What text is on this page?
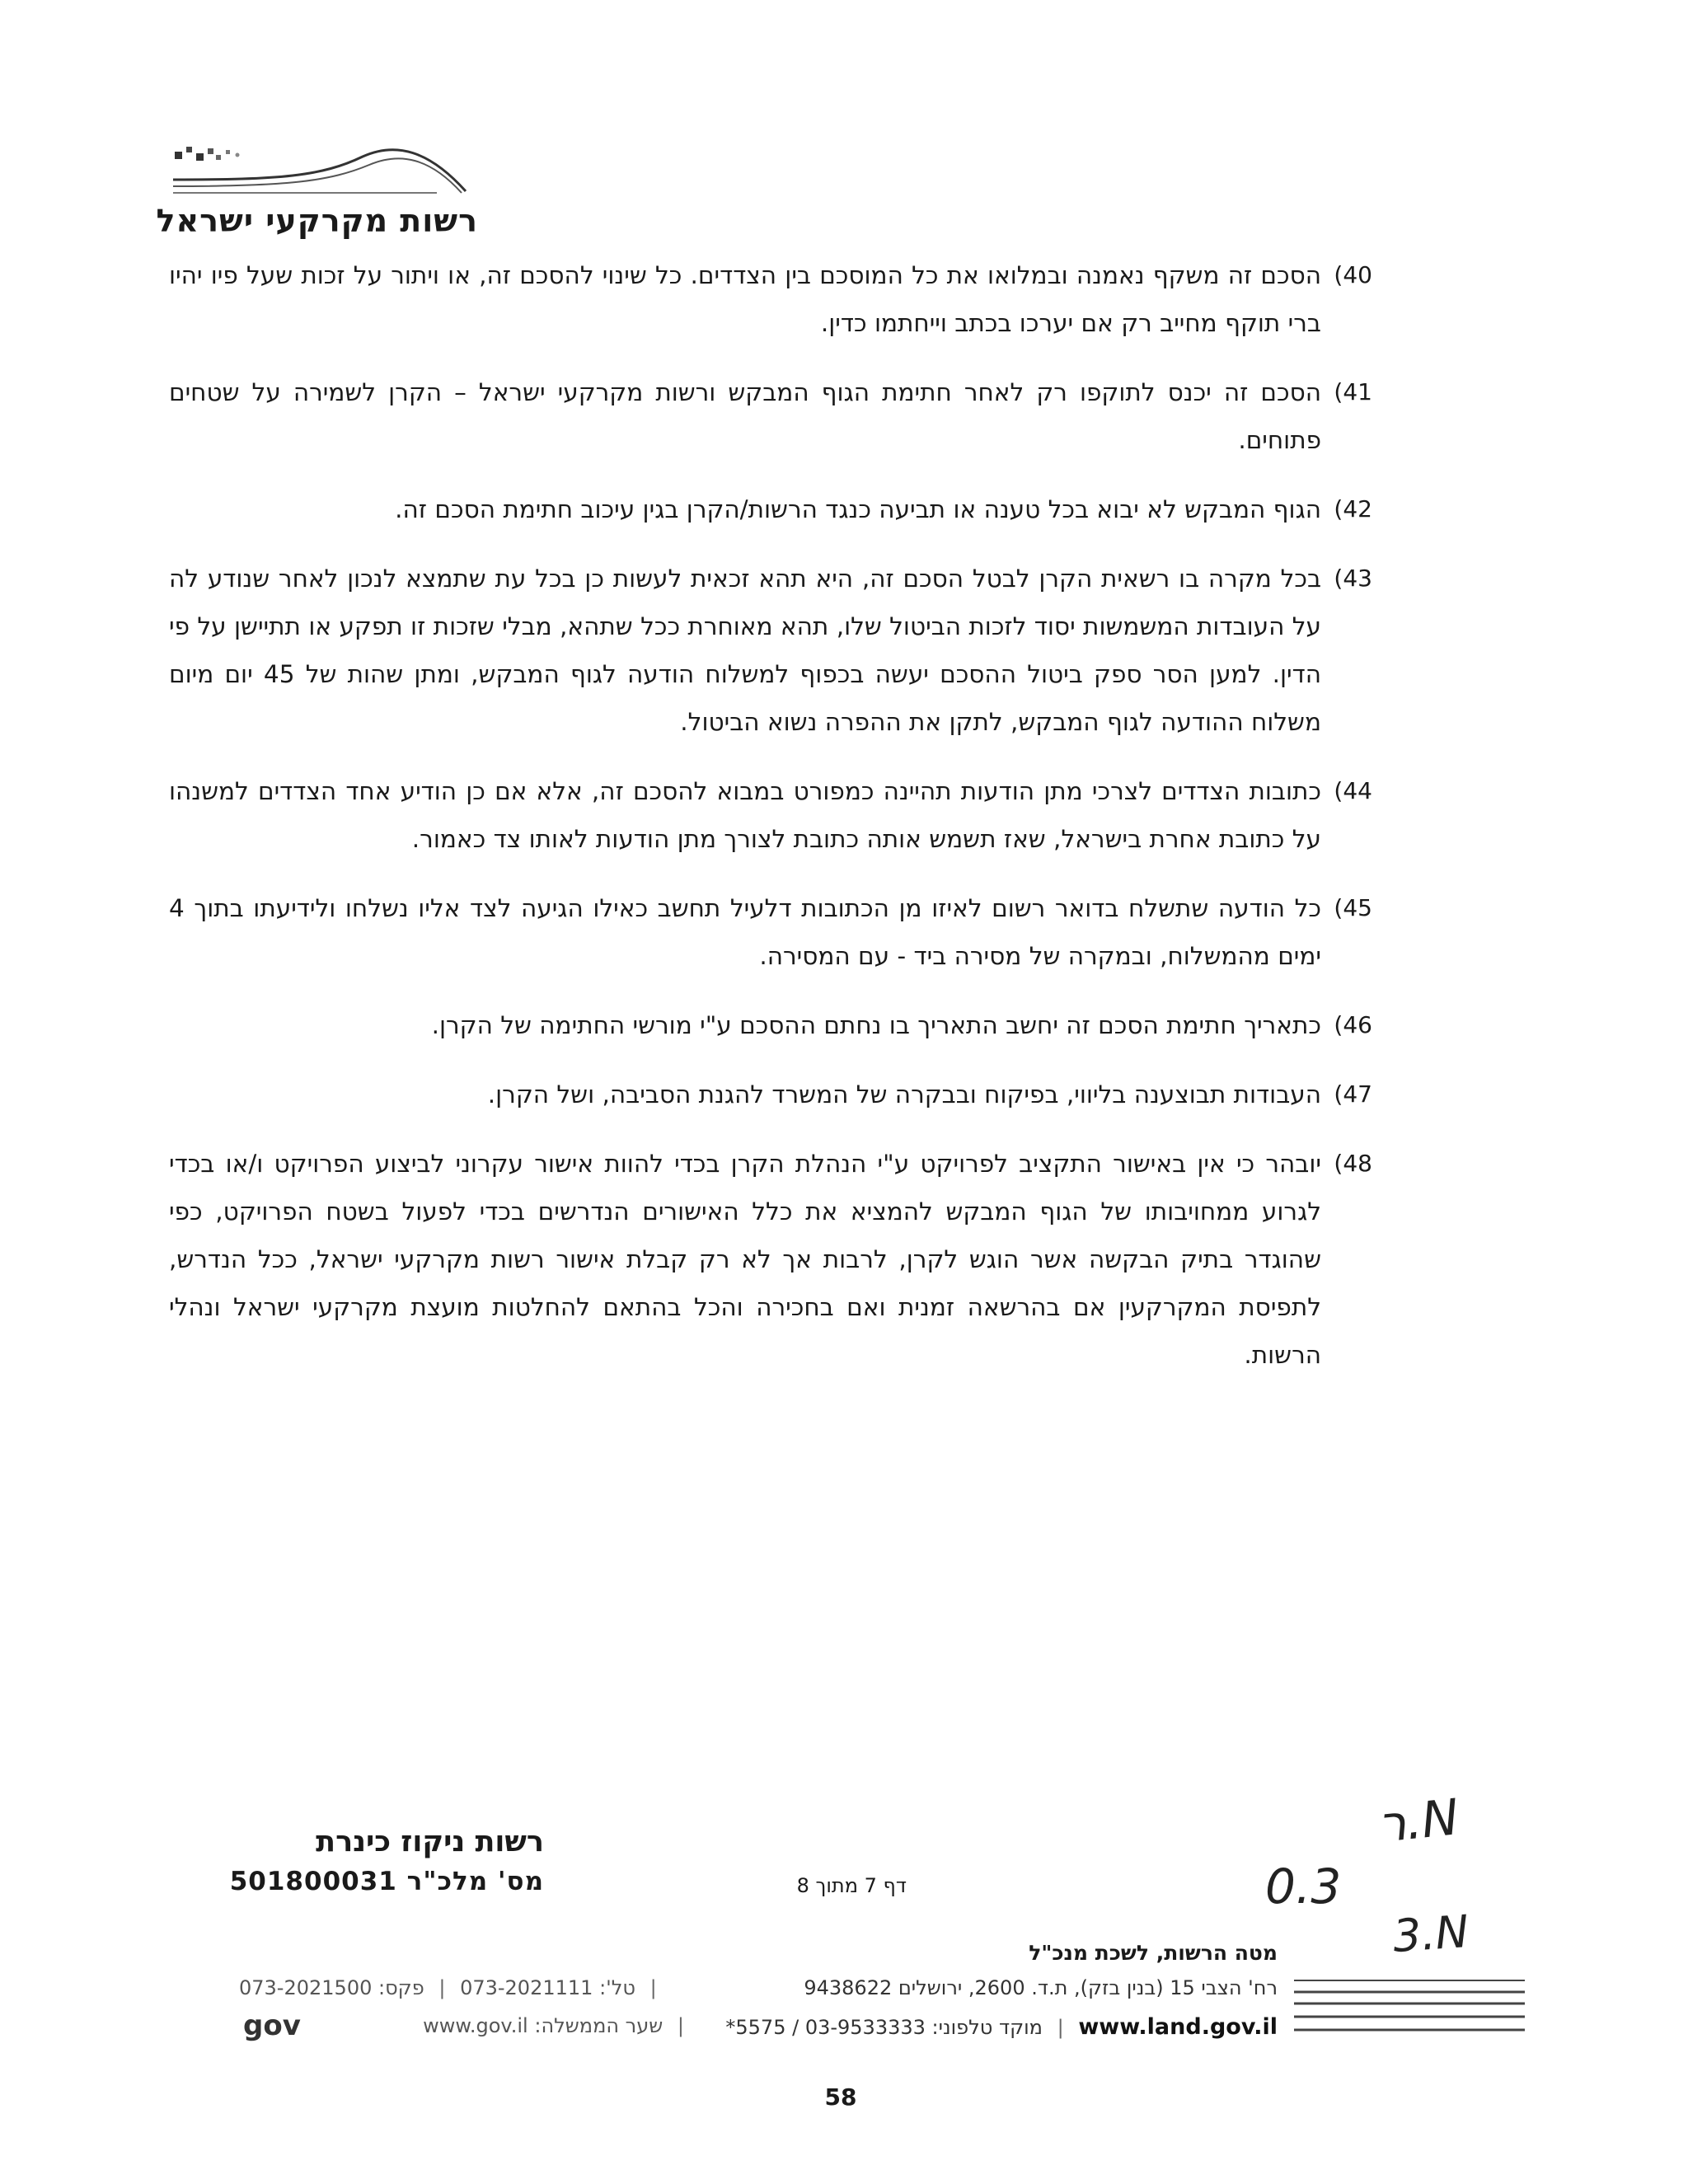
רשות מקרקעי ישראל
40)
הסכם זה משקף נאמנה ובמלואו את כל המוסכם בין הצדדים. כל שינוי להסכם זה, או ויתור על זכות שעל פיו יהיו ברי תוקף מחייב רק אם יערכו בכתב וייחתמו כדין.
41)
הסכם זה יכנס לתוקפו רק לאחר חתימת הגוף המבקש ורשות מקרקעי ישראל – הקרן לשמירה על שטחים פתוחים.
42)
הגוף המבקש לא יבוא בכל טענה או תביעה כנגד הרשות/הקרן בגין עיכוב חתימת הסכם זה.
43)
בכל מקרה בו רשאית הקרן לבטל הסכם זה, היא תהא זכאית לעשות כן בכל עת שתמצא לנכון לאחר שנודע לה על העובדות המשמשות יסוד לזכות הביטול שלו, תהא מאוחרת ככל שתהא, מבלי שזכות זו תפקע או תתיישן על פי הדין. למען הסר ספק ביטול ההסכם יעשה בכפוף למשלוח הודעה לגוף המבקש, ומתן שהות של 45 יום מיום משלוח ההודעה לגוף המבקש, לתקן את ההפרה נשוא הביטול.
44)
כתובות הצדדים לצרכי מתן הודעות תהיינה כמפורט במבוא להסכם זה, אלא אם כן הודיע אחד הצדדים למשנהו על כתובת אחרת בישראל, שאז תשמש אותה כתובת לצורך מתן הודעות לאותו צד כאמור.
45)
כל הודעה שתשלח בדואר רשום לאיזו מן הכתובות דלעיל תחשב כאילו הגיעה לצד אליו נשלחו ולידיעתו בתוך 4 ימים מהמשלוח, ובמקרה של מסירה ביד - עם המסירה.
46)
כתאריך חתימת הסכם זה יחשב התאריך בו נחתם ההסכם ע"י מורשי החתימה של הקרן.
47)
העבודות תבוצענה בליווי, בפיקוח ובבקרה של המשרד להגנת הסביבה, ושל הקרן.
48)
יובהר כי אין באישור התקציב לפרויקט ע"י הנהלת הקרן בכדי להוות אישור עקרוני לביצוע הפרויקט ו/או בכדי לגרוע ממחויבותו של הגוף המבקש להמציא את כלל האישורים הנדרשים בכדי לפעול בשטח הפרויקט, כפי שהוגדר בתיק הבקשה אשר הוגש לקרן, לרבות אך לא רק קבלת אישור רשות מקרקעי ישראל, ככל הנדרש, לתפיסת המקרקעין אם בהרשאה זמנית ואם בחכירה והכל בהתאם להחלטות מועצת מקרקעי ישראל ונהלי הרשות.
רשות ניקוז כינרת
מס' מלכ"ר 501800031	דף 7 מתוך 8
ר.N
0.3
3.N
מטה הרשות, לשכת מנכ"ל
רח' הצבי 15 (בנין בזק), ת.ד. 2600, ירושלים 9438622
| טל': 073-2021111 | פקס: 073-2021500
www.land.gov.il | מוקד טלפוני: 03-9533333 / 5575*
| שער הממשלה: www.gov.il
gov
58
